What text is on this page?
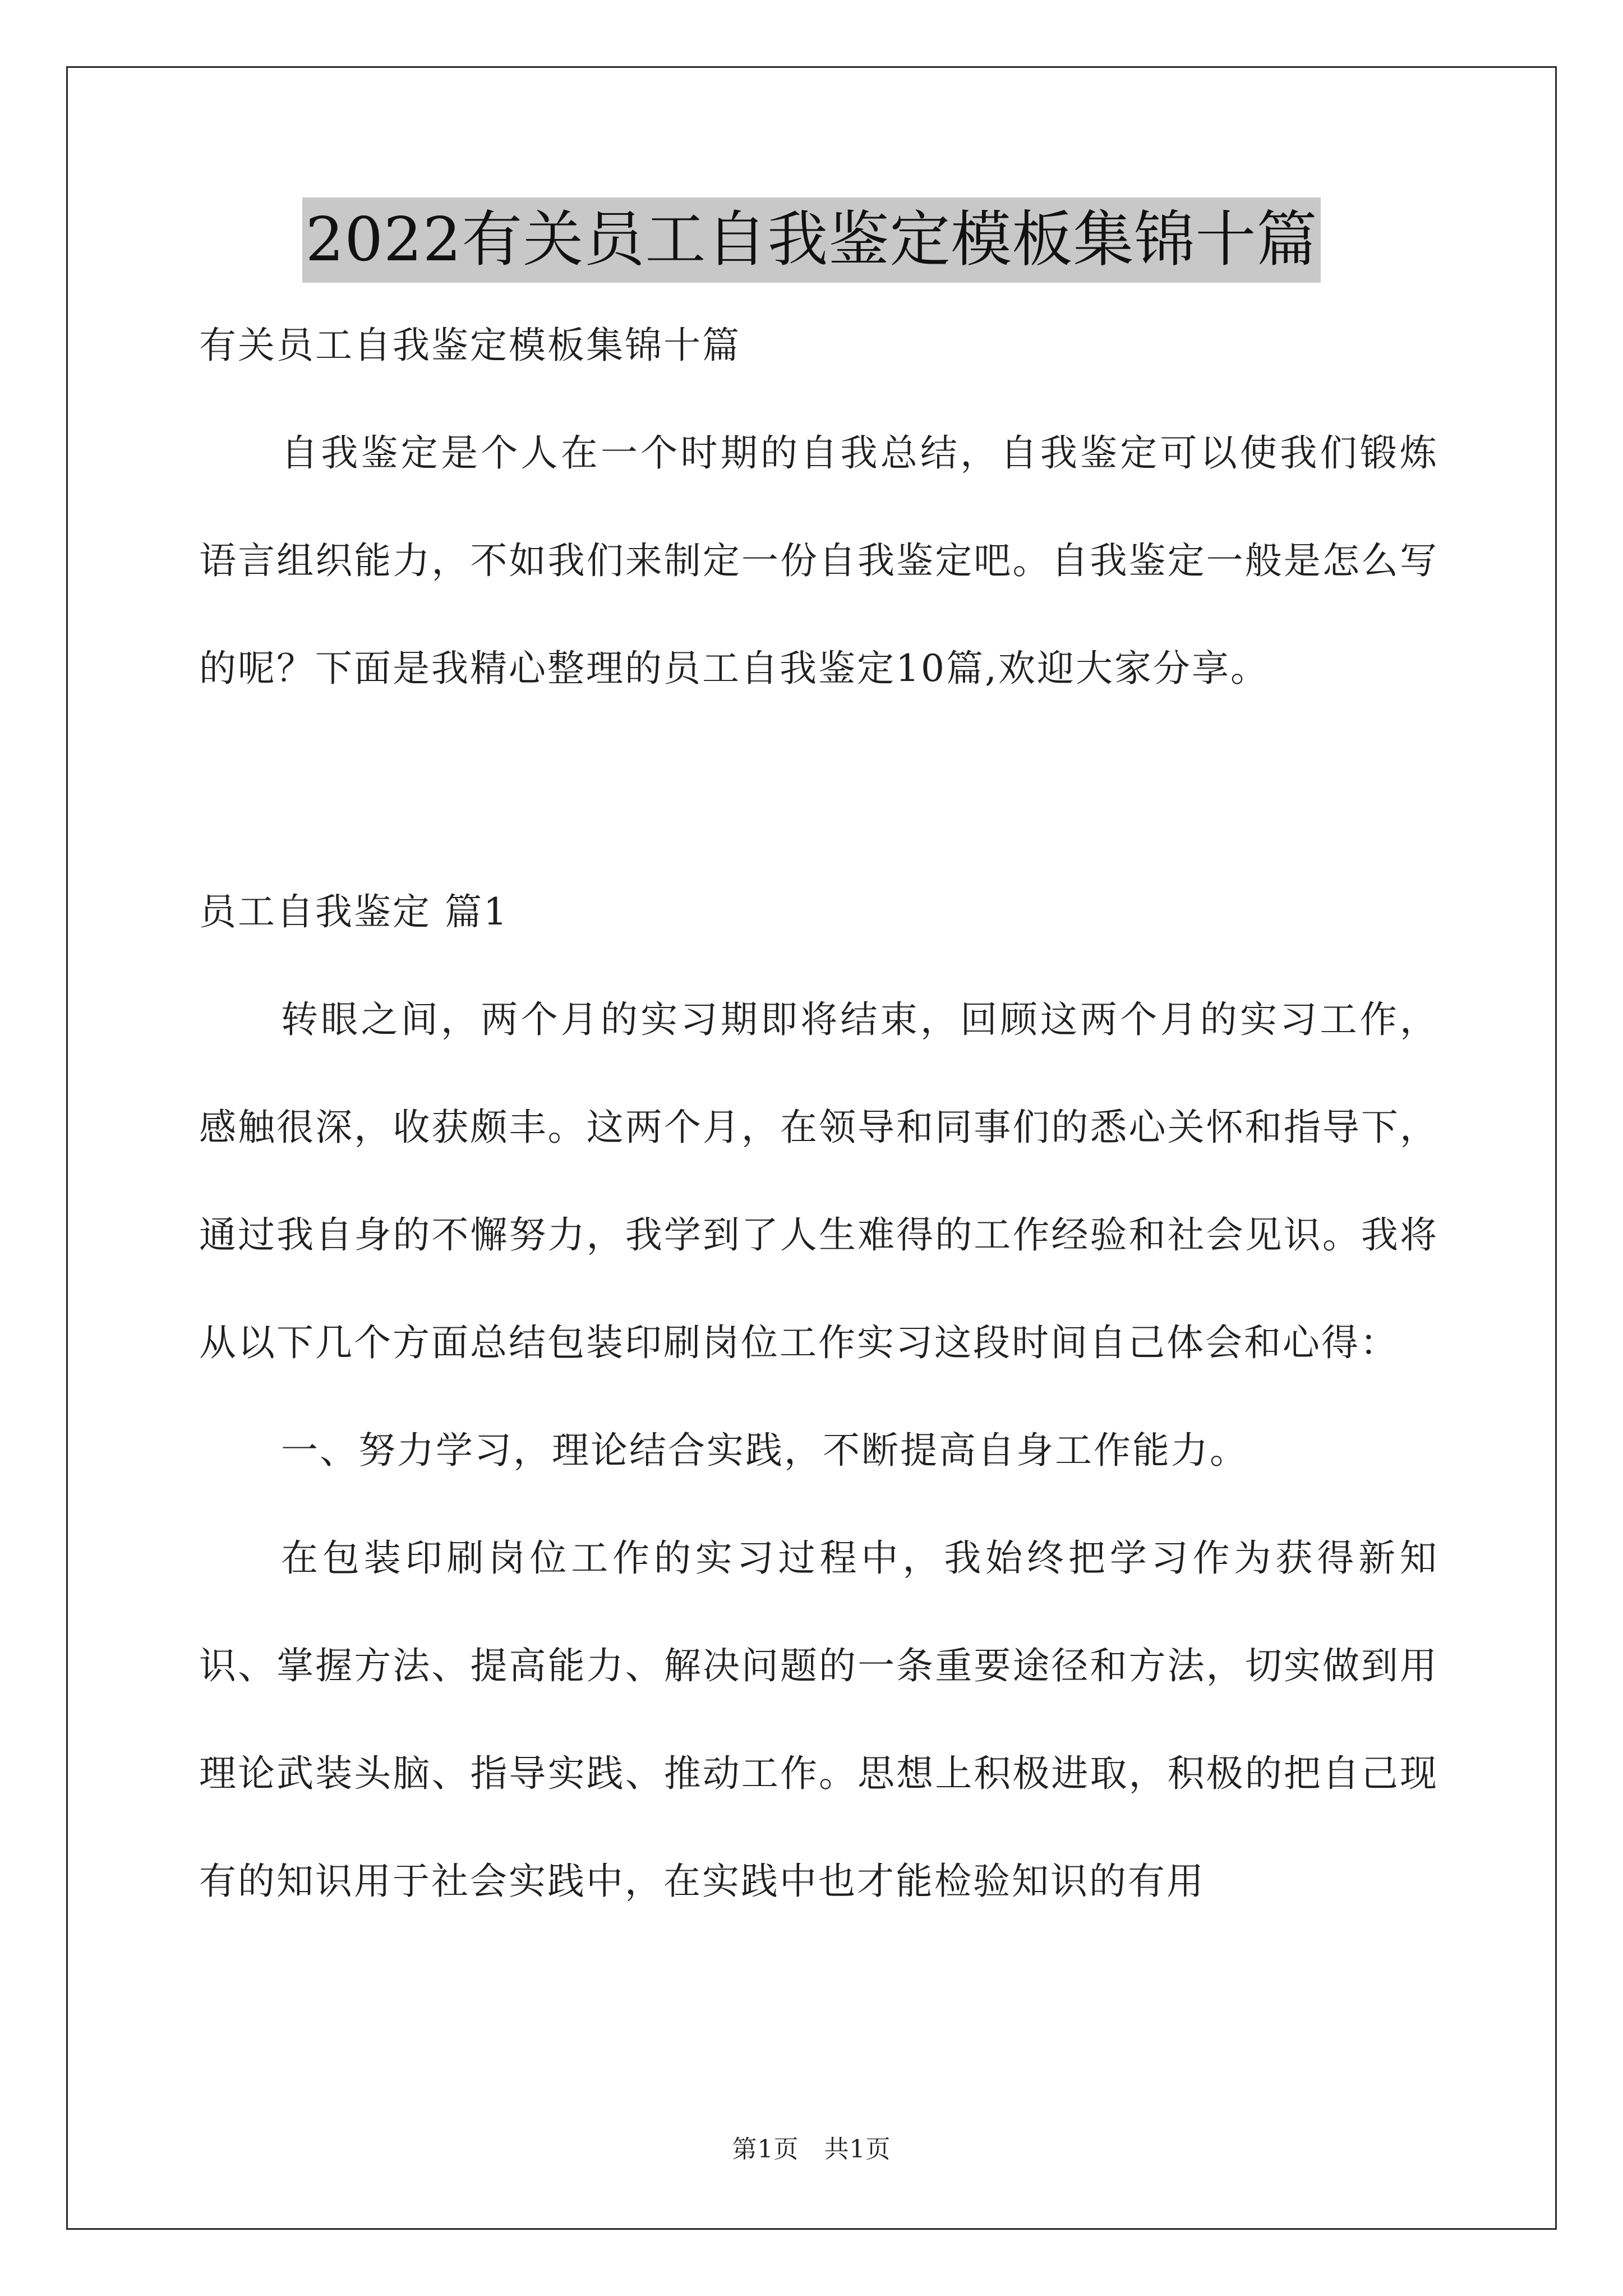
2022有关员工自我鉴定模板集锦十篇

有关员工自我鉴定模板集锦十篇

自我鉴定是个人在一个时期的自我总结，自我鉴定可以使我们锻炼语言组织能力，不如我们来制定一份自我鉴定吧。自我鉴定一般是怎么写的呢？下面是我精心整理的员工自我鉴定10篇,欢迎大家分享。

员工自我鉴定 篇1

转眼之间，两个月的实习期即将结束，回顾这两个月的实习工作，感触很深，收获颇丰。这两个月，在领导和同事们的悉心关怀和指导下，通过我自身的不懈努力，我学到了人生难得的工作经验和社会见识。我将从以下几个方面总结包装印刷岗位工作实习这段时间自己体会和心得：

一、努力学习，理论结合实践，不断提高自身工作能力。

在包装印刷岗位工作的实习过程中，我始终把学习作为获得新知识、掌握方法、提高能力、解决问题的一条重要途径和方法，切实做到用理论武装头脑、指导实践、推动工作。思想上积极进取，积极的把自己现有的知识用于社会实践中，在实践中也才能检验知识的有用

第1页　共1页
